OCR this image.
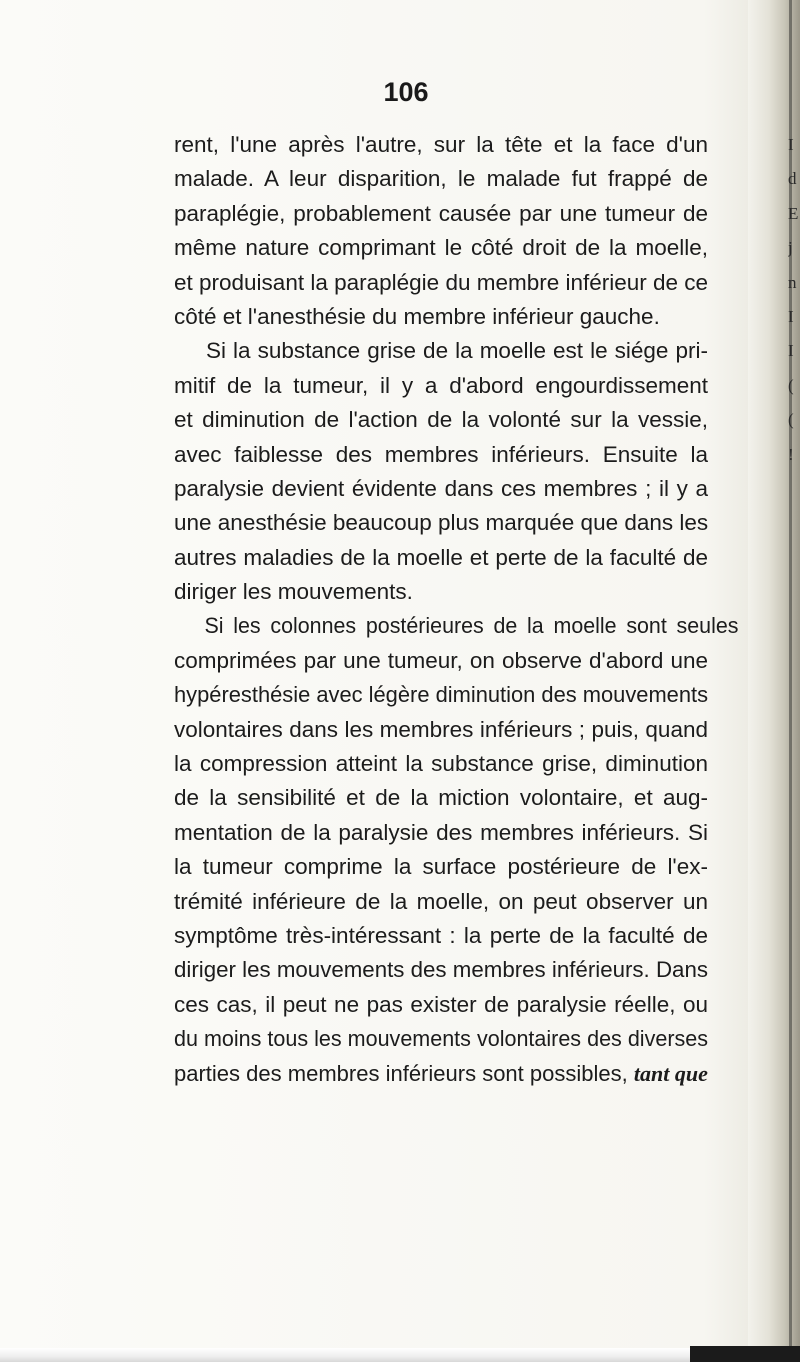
106
rent, l'une après l'autre, sur la tête et la face d'un
malade. A leur disparition, le malade fut frappé de
paraplégie, probablement causée par une tumeur de
même nature comprimant le côté droit de la moelle,
et produisant la paraplégie du membre inférieur de ce
côté et l'anesthésie du membre inférieur gauche.
Si la substance grise de la moelle est le siége pri-
mitif de la tumeur, il y a d'abord engourdissement
et diminution de l'action de la volonté sur la vessie,
avec faiblesse des membres inférieurs. Ensuite la
paralysie devient évidente dans ces membres ; il y a
une anesthésie beaucoup plus marquée que dans les
autres maladies de la moelle et perte de la faculté de
diriger les mouvements.
Si les colonnes postérieures de la moelle sont seules
comprimées par une tumeur, on observe d'abord une
hypéresthésie avec légère diminution des mouvements
volontaires dans les membres inférieurs ; puis, quand
la compression atteint la substance grise, diminution
de la sensibilité et de la miction volontaire, et aug-
mentation de la paralysie des membres inférieurs. Si
la tumeur comprime la surface postérieure de l'ex-
trémité inférieure de la moelle, on peut observer un
symptôme très-intéressant : la perte de la faculté de
diriger les mouvements des membres inférieurs. Dans
ces cas, il peut ne pas exister de paralysie réelle, ou
du moins tous les mouvements volontaires des diverses
parties des membres inférieurs sont possibles, tant que
I
d
E
j
n
I
I
(
(
!
